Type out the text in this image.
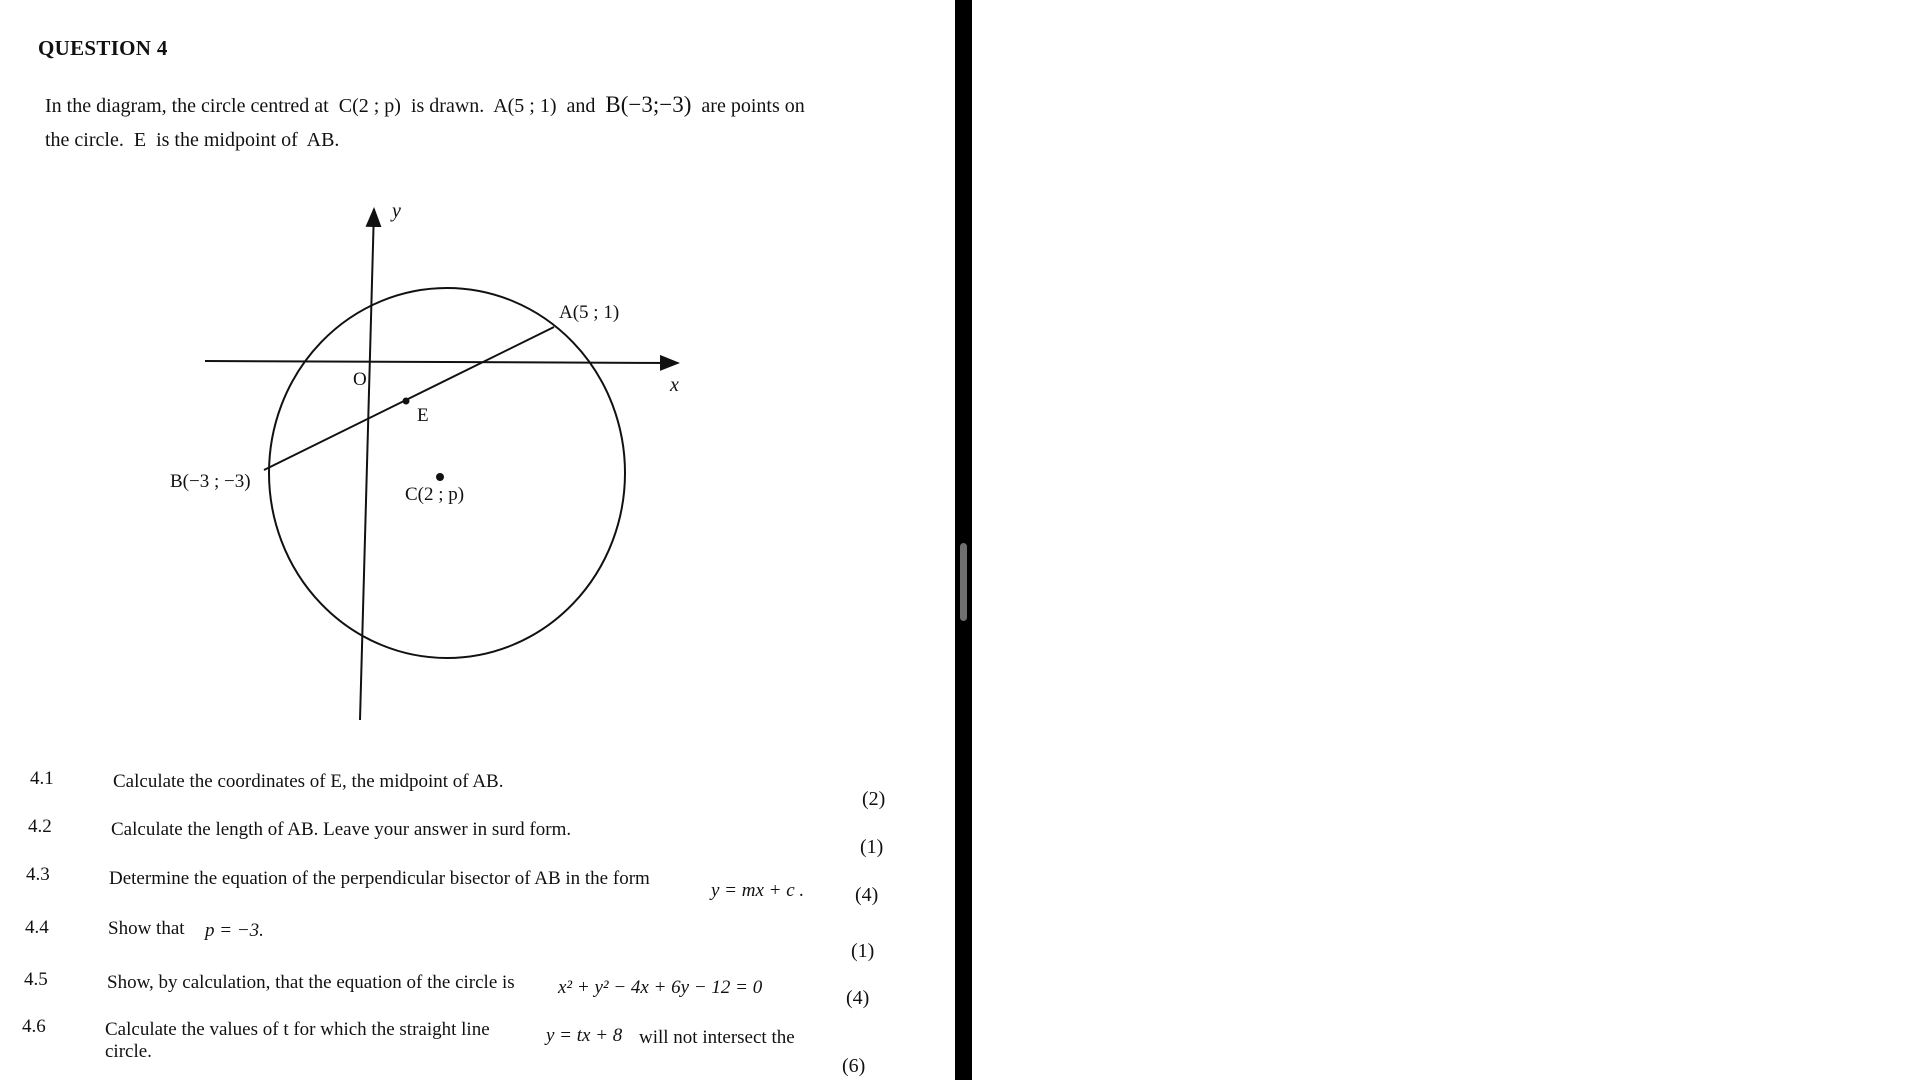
QUESTION 4
In the diagram, the circle centred at C(2 ; p) is drawn. A(5 ; 1) and B(−3;−3) are points on
the circle. E is the midpoint of AB.
y
x
O
A(5 ; 1)
B(−3 ; −3)
E
C(2 ; p)
4.1	Calculate the coordinates of E, the midpoint of AB.
(2)
4.2	Calculate the length of AB. Leave your answer in surd form.
(1)
4.3	Determine the equation of the perpendicular bisector of AB in the form
y = mx + c .	(4)
4.4	Show that p = −3.
(1)
4.5	Show, by calculation, that the equation of the circle is x² + y² − 4x + 6y − 12 = 0	(4)
4.6	Calculate the values of t for which the straight line	y = tx + 8 will not intersect the
circle.
(6)
